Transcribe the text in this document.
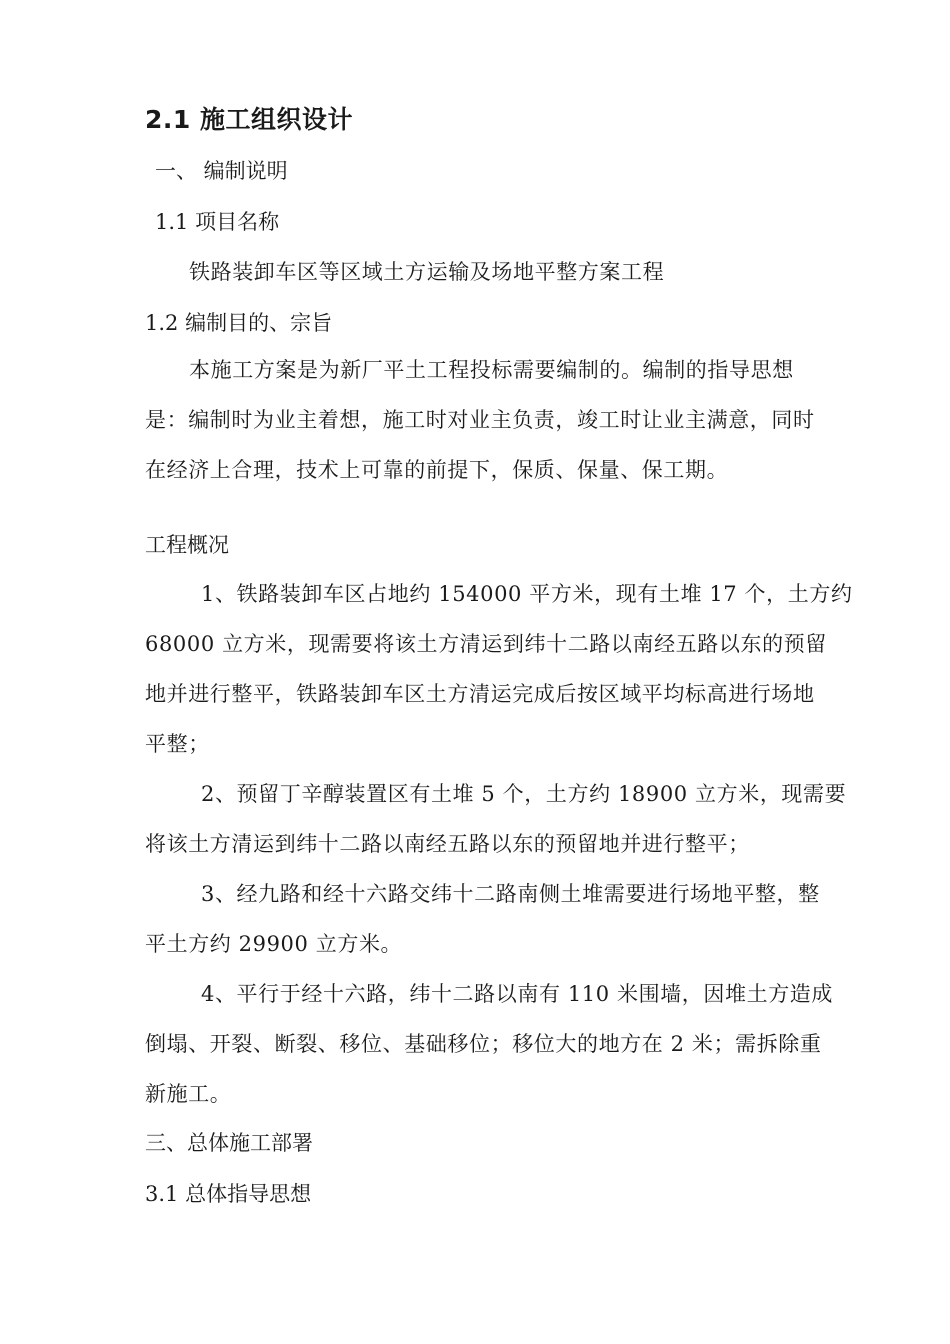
2.1 施工组织设计
一、 编制说明
1.1 项目名称
铁路装卸车区等区域土方运输及场地平整方案工程
1.2 编制目的、宗旨
本施工方案是为新厂平土工程投标需要编制的。编制的指导思想
是：编制时为业主着想，施工时对业主负责，竣工时让业主满意，同时
在经济上合理，技术上可靠的前提下，保质、保量、保工期。
工程概况
1、铁路装卸车区占地约 154000 平方米，现有土堆 17 个，土方约
68000 立方米，现需要将该土方清运到纬十二路以南经五路以东的预留
地并进行整平，铁路装卸车区土方清运完成后按区域平均标高进行场地
平整；
2、预留丁辛醇装置区有土堆 5 个，土方约 18900 立方米，现需要
将该土方清运到纬十二路以南经五路以东的预留地并进行整平；
3、经九路和经十六路交纬十二路南侧土堆需要进行场地平整，整
平土方约 29900 立方米。
4、平行于经十六路，纬十二路以南有 110 米围墙，因堆土方造成
倒塌、开裂、断裂、移位、基础移位；移位大的地方在 2 米；需拆除重
新施工。
三、总体施工部署
3.1 总体指导思想
